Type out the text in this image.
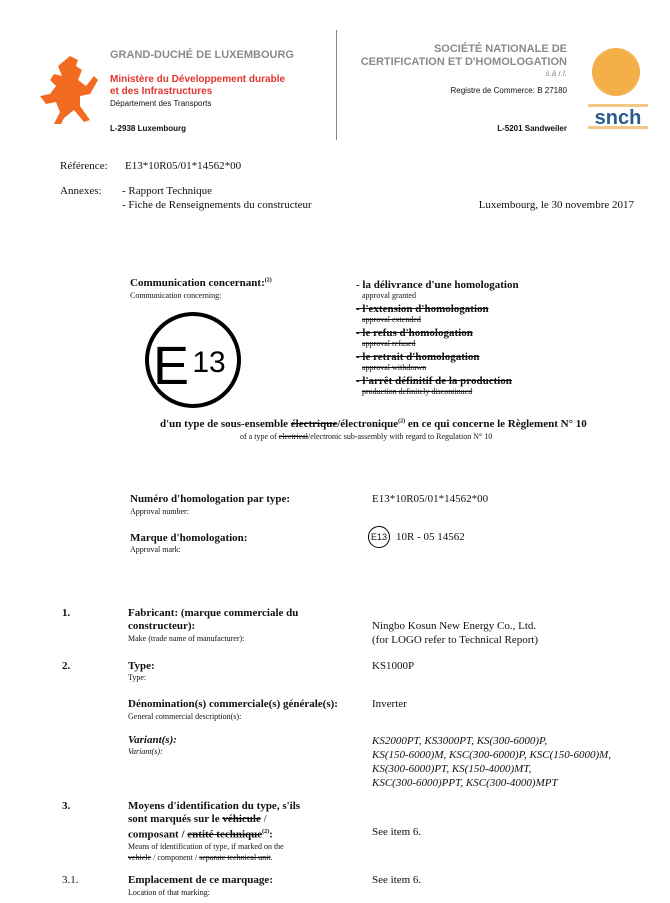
GRAND-DUCHÉ DE LUXEMBOURG
Ministère du Développement durable
et des Infrastructures
Département des Transports
L-2938 Luxembourg
SOCIÉTÉ NATIONALE DE
CERTIFICATION ET D'HOMOLOGATION
s.à r.l.
Registre de Commerce: B 27180
L-5201 Sandweiler snch
Référence: E13*10R05/01*14562*00
Annexes: - Rapport Technique
- Fiche de Renseignements du constructeur	Luxembourg, le 30 novembre 2017
Communication concernant:$^{(2)}$
Communication concerning:
E 13
- la délivrance d'une homologation
approval granted
- l'extension d'homologation
approval extended
- le refus d'homologation
approval refused
- le retrait d'homologation
approval withdrawn
- l'arrêt définitif de la production
production definitely discontinued
d'un type de sous-ensemble électrique/électronique$^{(2)}$ en ce qui concerne le Règlement N° 10
of a type of electrical/electronic sub-assembly with regard to Regulation N° 10
Numéro d'homologation par type:
Approval number:
E13*10R05/01*14562*00
Marque d'homologation:
Approval mark:
E13 10R - 05 14562
1.	Fabricant: (marque commerciale du
constructeur):
Make (trade name of manufacturer):
Ningbo Kosun New Energy Co., Ltd.
(for LOGO refer to Technical Report)
2.	Type:
Type:
KS1000P
Dénomination(s) commerciale(s) générale(s):
General commercial description(s):
Inverter
Variant(s):
Variant(s):
KS2000PT, KS3000PT, KS(300-6000)P,
KS(150-6000)M, KSC(300-6000)P, KSC(150-6000)M,
KS(300-6000)PT, KS(150-4000)MT,
KSC(300-6000)PPT, KSC(300-4000)MPT
3.	Moyens d'identification du type, s'ils
sont marqués sur le véhicule /
composant / entité technique$^{(2)}$:
Means of identification of type, if marked on the
vehicle / component / separate technical unit.
See item 6.
3.1.	Emplacement de ce marquage:
Location of that marking:
See item 6.
